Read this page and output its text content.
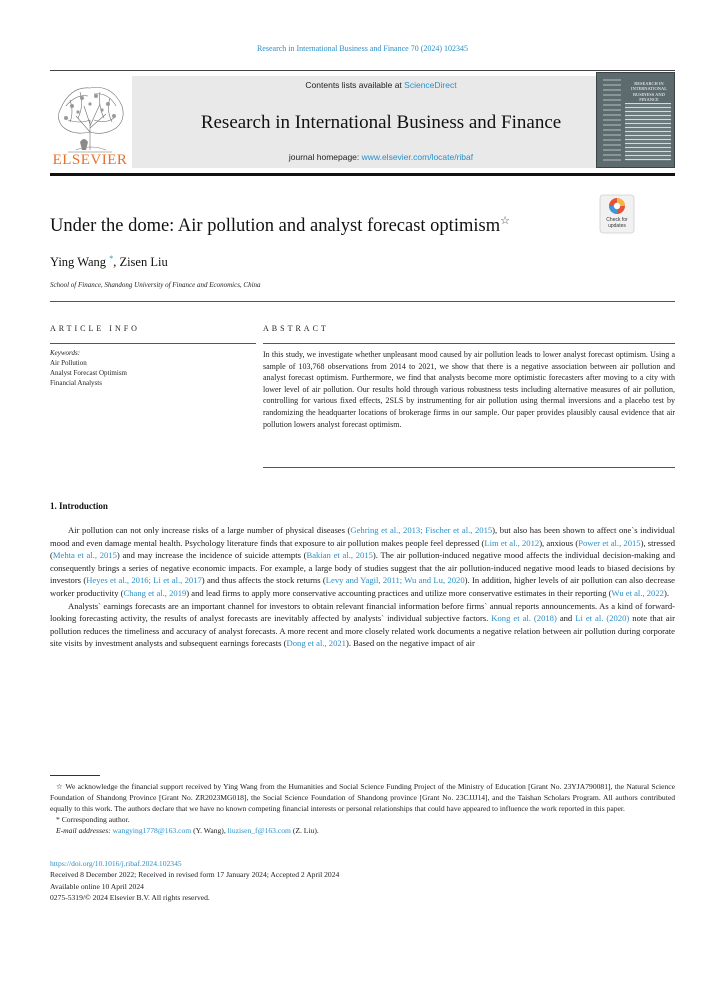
Research in International Business and Finance 70 (2024) 102345
ELSEVIER
Contents lists available at ScienceDirect
Research in International Business and Finance
journal homepage: www.elsevier.com/locate/ribaf
RESEARCH IN INTERNATIONAL BUSINESS AND FINANCE
Check for
updates
Under the dome: Air pollution and analyst forecast optimism☆
Ying Wang *, Zisen Liu
School of Finance, Shandong University of Finance and Economics, China
ARTICLE INFO	ABSTRACT
Keywords:
Air Pollution
Analyst Forecast Optimism
Financial Analysts
In this study, we investigate whether unpleasant mood caused by air pollution leads to lower analyst forecast optimism. Using a sample of 103,768 observations from 2014 to 2021, we show that there is a negative association between air pollution and analyst forecast optimism. Furthermore, we find that analysts become more optimistic forecasters after moving to a city with lower level of air pollution. Our results hold through various robustness tests including alternative measures of air pollution, controlling for various fixed effects, 2SLS by instrumenting for air pollution using thermal inversions and a placebo test by randomizing the headquarter locations of brokerage firms in our sample. Our paper provides plausibly causal evidence that air pollution lowers analyst forecast optimism.
1. Introduction

Air pollution can not only increase risks of a large number of physical diseases (Gehring et al., 2013; Fischer et al., 2015), but also has been shown to affect one`s individual mood and even damage mental health. Psychology literature finds that exposure to air pollution makes people feel depressed (Lim et al., 2012), anxious (Power et al., 2015), stressed (Mehta et al., 2015) and may increase the incidence of suicide attempts (Bakian et al., 2015). The air pollution-induced negative mood affects the individual decision-making and consequently brings a series of negative economic impacts. For example, a large body of studies suggest that the air pollution-induced negative mood leads to biased decisions by investors (Heyes et al., 2016; Li et al., 2017) and thus affects the stock returns (Levy and Yagil, 2011; Wu and Lu, 2020). In addition, higher levels of air pollution can also decrease worker productivity (Chang et al., 2019) and lead firms to apply more conservative accounting practices and utilize more conservative estimates in their reporting (Wu et al., 2022).

Analysts` earnings forecasts are an important channel for investors to obtain relevant financial information before firms` annual reports announcements. As a kind of forward-looking forecasting activity, the results of analyst forecasts are inevitably affected by analysts` individual subjective factors. Kong et al. (2018) and Li et al. (2020) note that air pollution reduces the timeliness and accuracy of analyst forecasts. A more recent and more closely related work documents a negative relation between air pollution during corporate site visits by investment analysts and subsequent earnings forecasts (Dong et al., 2021). Based on the negative impact of air

☆ We acknowledge the financial support received by Ying Wang from the Humanities and Social Science Funding Project of the Ministry of Education [Grant No. 23YJA790081], the Natural Science Foundation of Shandong Province [Grant No. ZR2023MG018], the Social Science Foundation of Shandong province [Grant No. 23CJJJ14], and the Taishan Scholars Program. All authors contributed equally to this work. The authors declare that we have no known competing financial interests or personal relationships that could have appeared to influence the work reported in this paper.

* Corresponding author.

E-mail addresses: wangying1778@163.com (Y. Wang), liuzisen_f@163.com (Z. Liu).

https://doi.org/10.1016/j.ribaf.2024.102345
Received 8 December 2022; Received in revised form 17 January 2024; Accepted 2 April 2024
Available online 10 April 2024
0275-5319/© 2024 Elsevier B.V. All rights reserved.
